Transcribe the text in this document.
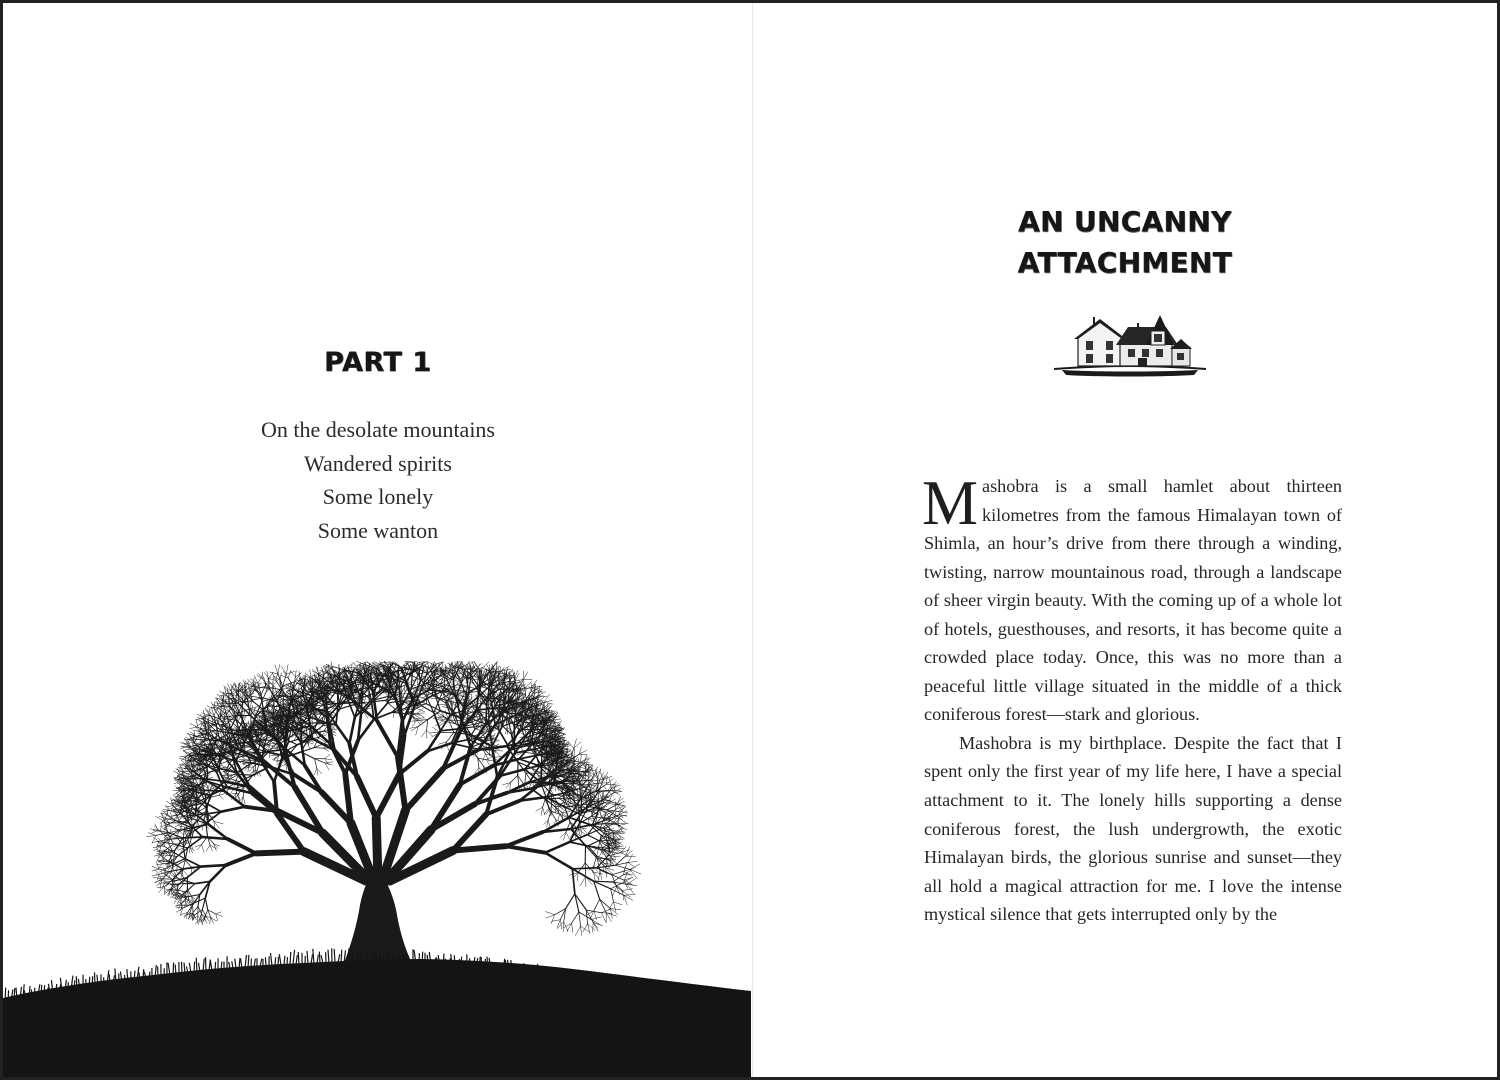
PART 1
On the desolate mountains
Wandered spirits
Some lonely
Some wanton
AN UNCANNY
ATTACHMENT

Mashobra is a small hamlet about thirteen kilometres from the famous Himalayan town of Shimla, an hour’s drive from there through a winding, twisting, narrow mountainous road, through a landscape of sheer virgin beauty. With the coming up of a whole lot of hotels, guesthouses, and resorts, it has become quite a crowded place today. Once, this was no more than a peaceful little village situated in the middle of a thick coniferous forest—stark and glorious.

Mashobra is my birthplace. Despite the fact that I spent only the first year of my life here, I have a special attachment to it. The lonely hills supporting a dense coniferous forest, the lush undergrowth, the exotic Himalayan birds, the glorious sunrise and sunset—they all hold a magical attraction for me. I love the intense mystical silence that gets interrupted only by the
